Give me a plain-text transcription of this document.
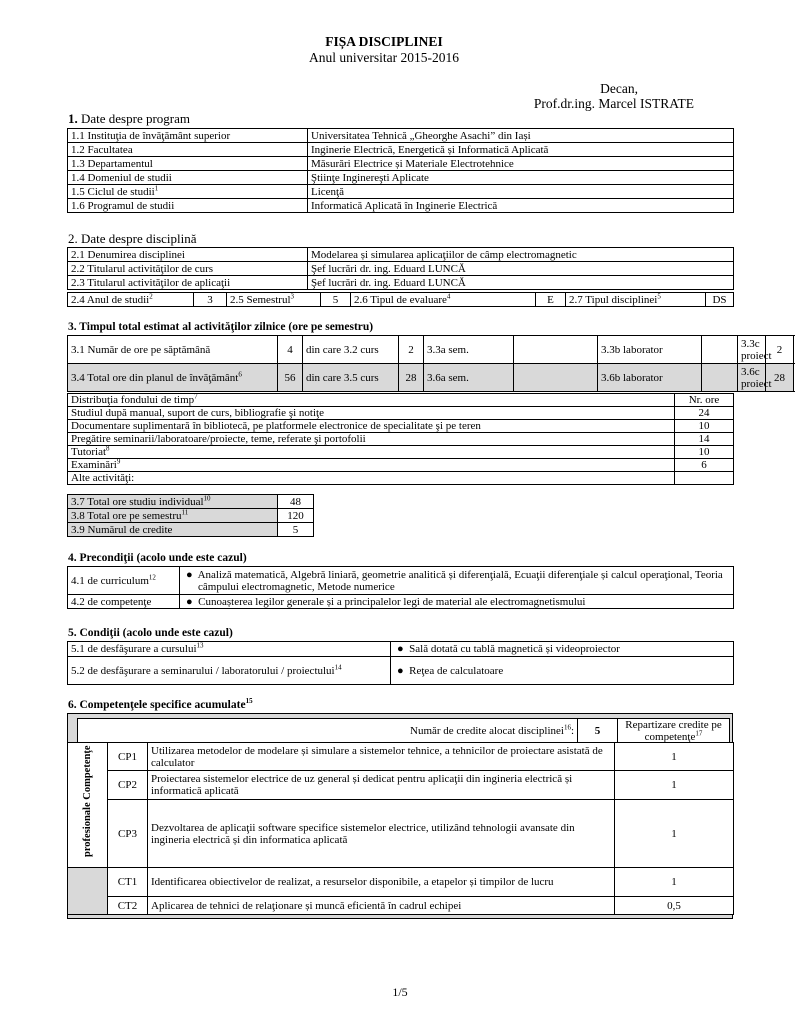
FIȘA DISCIPLINEI
Anul universitar 2015-2016
Decan,
Prof.dr.ing. Marcel ISTRATE
1. Date despre program
1.1 Instituţia de învăţământ superior	Universitatea Tehnică „Gheorghe Asachi” din Iași
1.2 Facultatea	Inginerie Electrică, Energetică și Informatică Aplicată
1.3 Departamentul	Măsurări Electrice și Materiale Electrotehnice
1.4 Domeniul de studii	Ştiinţe Inginereşti Aplicate
1.5 Ciclul de studii$^1$	Licenţă
1.6 Programul de studii	Informatică Aplicată în Inginerie Electrică
2. Date despre disciplină
2.1 Denumirea disciplinei	Modelarea și simularea aplicaţiilor de câmp electromagnetic
2.2 Titularul activităţilor de curs	Şef lucrări dr. ing. Eduard LUNCĂ
2.3 Titularul activităţilor de aplicaţii	Şef lucrări dr. ing. Eduard LUNCĂ
2.4 Anul de studii$^2$	3	2.5 Semestrul$^3$	5	2.6 Tipul de evaluare$^4$	E	2.7 Tipul disciplinei$^5$	DS
3. Timpul total estimat al activităţilor zilnice (ore pe semestru)
3.1 Număr de ore pe săptămână	4	din care 3.2 curs	2	3.3a sem.		3.3b laborator		3.3c proiect	2
3.4 Total ore din planul de învăţământ$^6$	56	din care 3.5 curs	28	3.6a sem.		3.6b laborator		3.6c proiect	28
Distribuţia fondului de timp$^7$	Nr. ore
Studiul după manual, suport de curs, bibliografie şi notiţe	24
Documentare suplimentară în bibliotecă, pe platformele electronice de specialitate şi pe teren	10
Pregătire seminarii/laboratoare/proiecte, teme, referate şi portofolii	14
Tutoriat$^8$	10
Examinări$^9$	6
Alte activităţi:	
3.7 Total ore studiu individual$^{10}$	48
3.8 Total ore pe semestru$^{11}$	120
3.9 Numărul de credite	5
4. Precondiţii (acolo unde este cazul)
4.1 de curriculum$^{12}$	● Analiză matematică, Algebră liniară, geometrie analitică și diferenţială, Ecuaţii diferenţiale și calcul operaţional, Teoria câmpului electromagnetic, Metode numerice
4.2 de competenţe	● Cunoașterea legilor generale și a principalelor legi de material ale electromagnetismului
5. Condiţii (acolo unde este cazul)
5.1 de desfăşurare a cursului$^{13}$	● Sală dotată cu tablă magnetică și videoproiector
5.2 de desfăşurare a seminarului / laboratorului / proiectului$^{14}$	● Reţea de calculatoare
6. Competenţele specifice acumulate$^{15}$
Număr de credite alocat disciplinei$^{16}$:	5	Repartizare credite pe competenţe$^{17}$
profesionale Competenţe	CP1	Utilizarea metodelor de modelare și simulare a sistemelor tehnice, a tehnicilor de proiectare asistată de calculator	1
	CP2	Proiectarea sistemelor electrice de uz general și dedicat pentru aplicaţii din ingineria electrică și informatică aplicată	1
	CP3	Dezvoltarea de aplicaţii software specifice sistemelor electrice, utilizând tehnologii avansate din ingineria electrică și din informatica aplicată	1
	CT1	Identificarea obiectivelor de realizat, a resurselor disponibile, a etapelor și timpilor de lucru	1
	CT2	Aplicarea de tehnici de relaţionare și muncă eficientă în cadrul echipei	0,5
1/5
